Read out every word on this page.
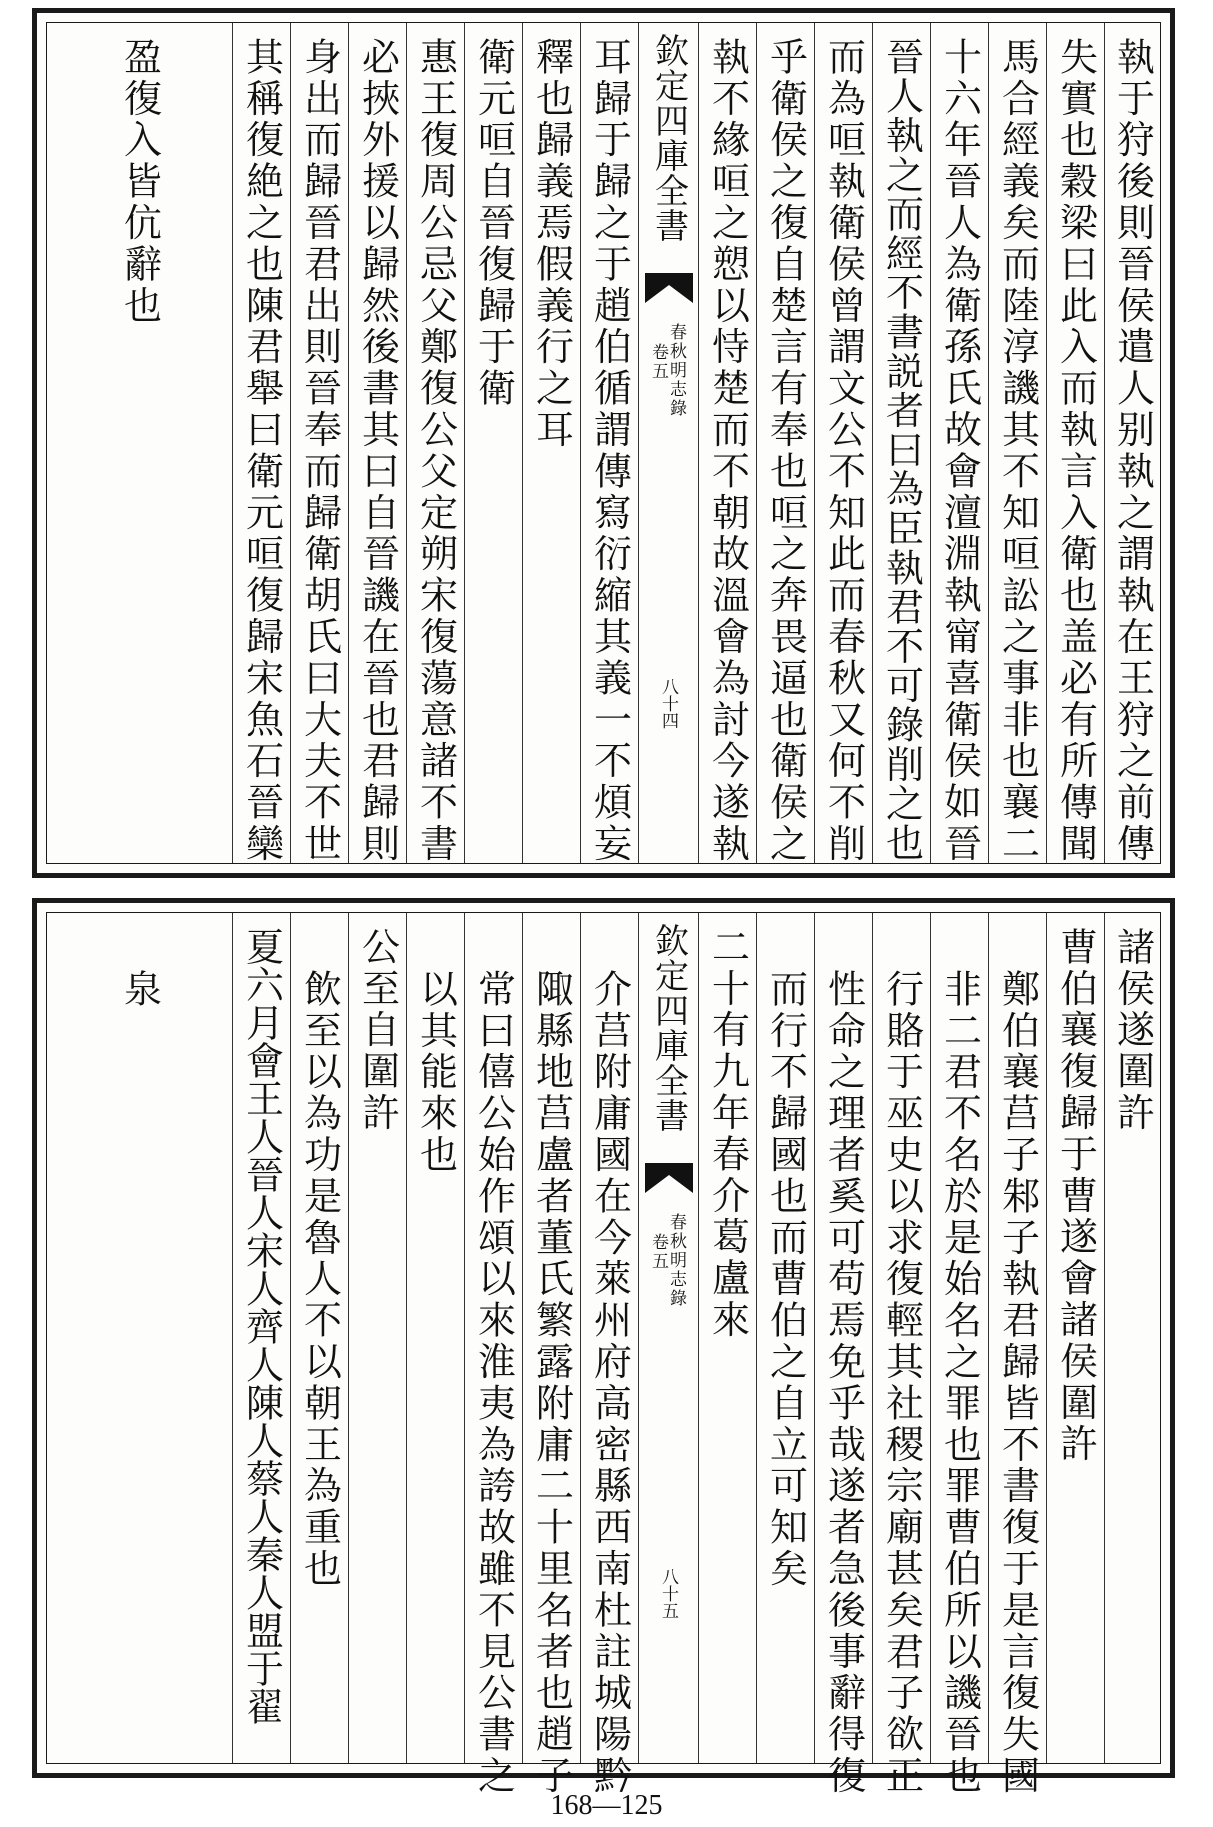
執于狩後則晉侯遣人别執之謂執在王狩之前傳
失實也穀梁曰此入而執言入衛也盖必有所傳聞
馬合經義矣而陸淳譏其不知咺訟之事非也襄二
十六年晉人為衛孫氏故會澶淵執甯喜衛侯如晉
晉人執之而經不書説者曰為臣執君不可錄削之也
而為咺執衛侯曾謂文公不知此而春秋又何不削
乎衛侯之復自楚言有奉也咺之奔畏逼也衛侯之
執不緣咺之愬以恃楚而不朝故溫會為討今遂執
欽定四庫全書
春秋明志錄
卷五
八十四
耳歸于歸之于趙伯循謂傳寫衍縮其義一不煩妄
釋也歸義焉假義行之耳
衛元咺自晉復歸于衛
惠王復周公忌父鄭復公父定朔宋復蕩意諸不書
必挾外援以歸然後書其曰自晉譏在晉也君歸則
身出而歸晉君出則晉奉而歸衛胡氏曰大夫不世
其稱復絶之也陳君舉曰衛元咺復歸宋魚石晉欒
盈復入皆伉辭也
諸侯遂圍許
曹伯襄復歸于曹遂會諸侯圍許
鄭伯襄莒子邾子執君歸皆不書復于是言復失國
非二君不名於是始名之罪也罪曹伯所以譏晉也
行賂于巫史以求復輕其社稷宗廟甚矣君子欲正
性命之理者奚可苟焉免乎哉遂者急後事辭得復
而行不歸國也而曹伯之自立可知矣
二十有九年春介葛盧來
欽定四庫全書
春秋明志錄
卷五
八十五
介莒附庸國在今萊州府高密縣西南杜註城陽黔
陬縣地莒盧者董氏繁露附庸二十里名者也趙子
常曰僖公始作頌以來淮夷為誇故雖不見公書之
以其能來也
公至自圍許
飲至以為功是魯人不以朝王為重也
夏六月會王人晉人宋人齊人陳人蔡人秦人盟于翟
泉
168—125
